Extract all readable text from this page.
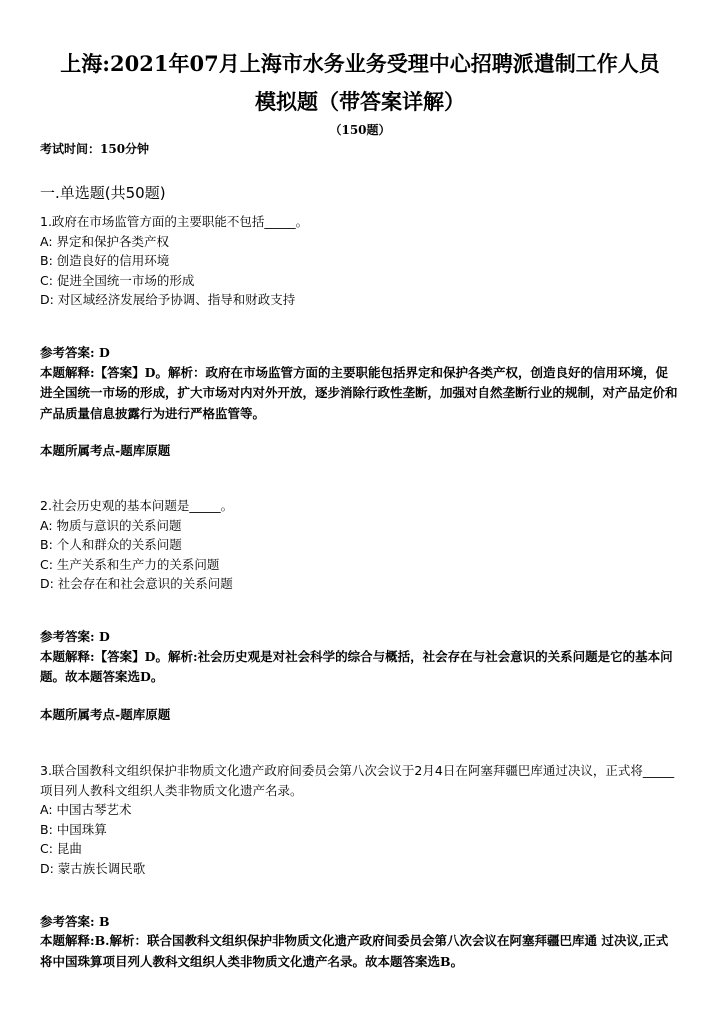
上海:2021年07月上海市水务业务受理中心招聘派遣制工作人员
模拟题（带答案详解）
（150题）
考试时间：150分钟
一.单选题(共50题)
1.政府在市场监管方面的主要职能不包括_____。
A: 界定和保护各类产权
B: 创造良好的信用环境
C: 促进全国统一市场的形成
D: 对区域经济发展给予协调、指导和财政支持
参考答案: D
本题解释:【答案】D。解析：政府在市场监管方面的主要职能包括界定和保护各类产权，创造良好的信用环境，促进全国统一市场的形成，扩大市场对内对外开放，逐步消除行政性垄断，加强对自然垄断行业的规制，对产品定价和产品质量信息披露行为进行严格监管等。
本题所属考点-题库原题
2.社会历史观的基本问题是_____。
A: 物质与意识的关系问题
B: 个人和群众的关系问题
C: 生产关系和生产力的关系问题
D: 社会存在和社会意识的关系问题
参考答案: D
本题解释:【答案】D。解析:社会历史观是对社会科学的综合与概括，社会存在与社会意识的关系问题是它的基本问 题。故本题答案选D。
本题所属考点-题库原题
3.联合国教科文组织保护非物质文化遗产政府间委员会第八次会议于2月4日在阿塞拜疆巴库通过决议，正式将_____项目列人教科文组织人类非物质文化遗产名录。
A: 中国古琴艺术
B: 中国珠算
C: 昆曲
D: 蒙古族长调民歌
参考答案: B
本题解释:B.解析：联合国教科文组织保护非物质文化遗产政府间委员会第八次会议在阿塞拜疆巴库通 过决议,正式将中国珠算项目列人教科文组织人类非物质文化遗产名录。故本题答案选B。
